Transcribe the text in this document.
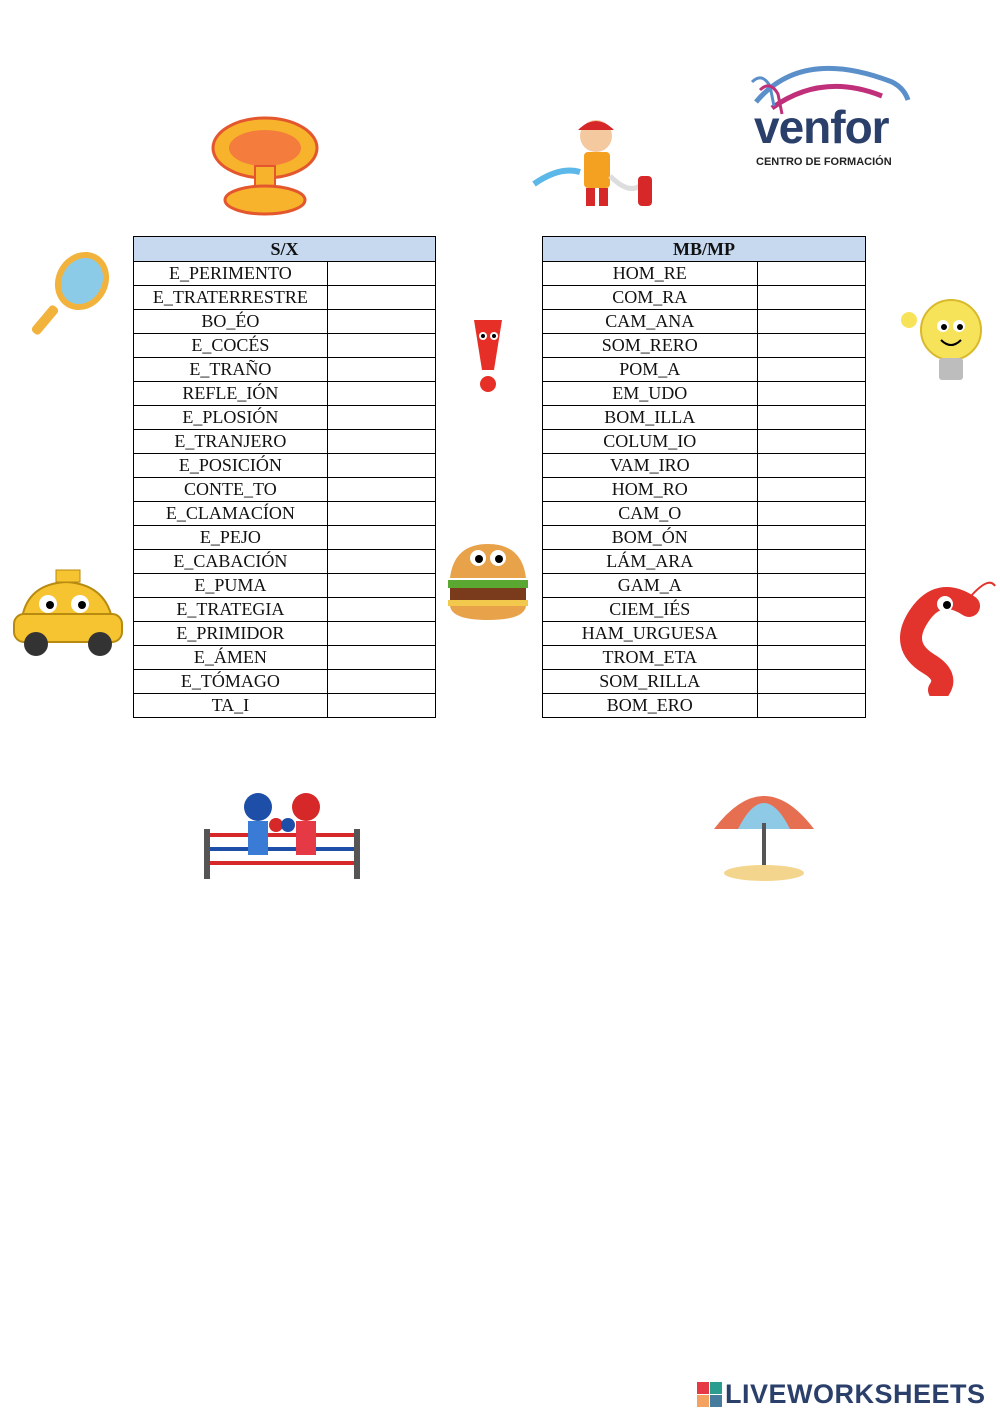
venfor
CENTRO DE FORMACIÓN
S/X	
E_PERIMENTO	
E_TRATERRESTRE	
BO_ÉO	
E_COCÉS	
E_TRAÑO	
REFLE_IÓN	
E_PLOSIÓN	
E_TRANJERO	
E_POSICIÓN	
CONTE_TO	
E_CLAMACÍON	
E_PEJO	
E_CABACIÓN	
E_PUMA	
E_TRATEGIA	
E_PRIMIDOR	
E_ÁMEN	
E_TÓMAGO	
TA_I	
MB/MP	
HOM_RE	
COM_RA	
CAM_ANA	
SOM_RERO	
POM_A	
EM_UDO	
BOM_ILLA	
COLUM_IO	
VAM_IRO	
HOM_RO	
CAM_O	
BOM_ÓN	
LÁM_ARA	
GAM_A	
CIEM_IÉS	
HAM_URGUESA	
TROM_ETA	
SOM_RILLA	
BOM_ERO	
LIVEWORKSHEETS
